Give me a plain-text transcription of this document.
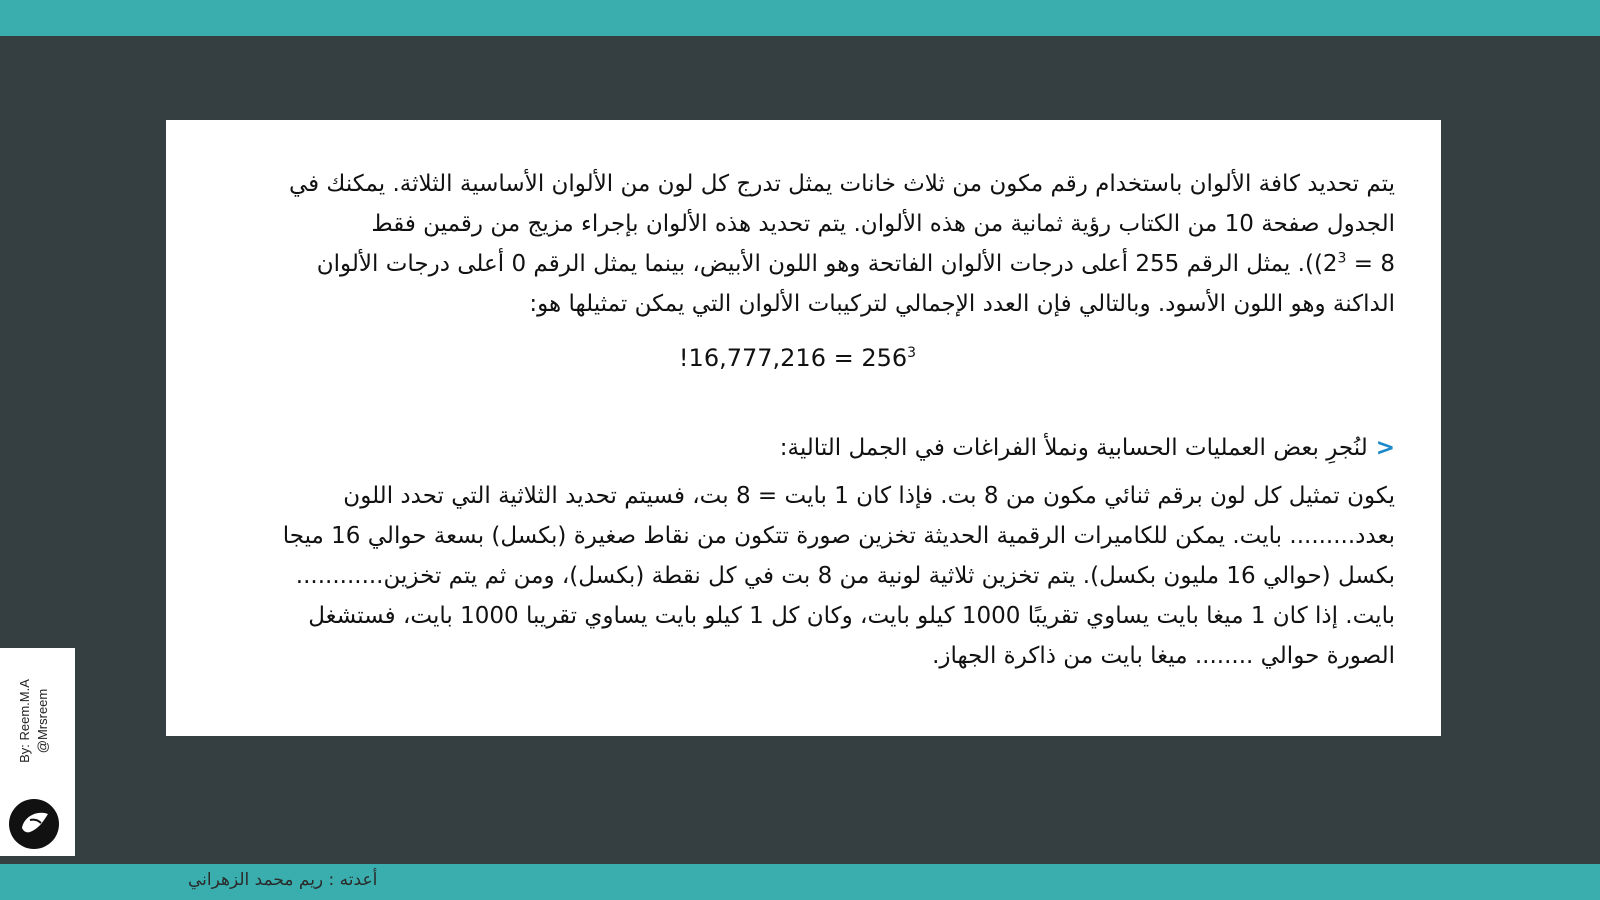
يتم تحديد كافة الألوان باستخدام رقم مكون من ثلاث خانات يمثل تدرج كل لون من الألوان الأساسية الثلاثة. يمكنك في
الجدول صفحة 10 من الكتاب رؤية ثمانية من هذه الألوان. يتم تحديد هذه الألوان بإجراء مزيج من رقمين فقط
$(2^3 = 8)$. يمثل الرقم 255 أعلى درجات الألوان الفاتحة وهو اللون الأبيض، بينما يمثل الرقم 0 أعلى درجات الألوان
الداكنة وهو اللون الأسود. وبالتالي فإن العدد الإجمالي لتركيبات الألوان التي يمكن تمثيلها هو:

$!16,777,216 = 256^3$
<لنُجرِ بعض العمليات الحسابية ونملأ الفراغات في الجمل التالية:

يكون تمثيل كل لون برقم ثنائي مكون من 8 بت. فإذا كان 1 بايت = 8 بت، فسيتم تحديد الثلاثية التي تحدد اللون
بعدد......... بايت. يمكن للكاميرات الرقمية الحديثة تخزين صورة تتكون من نقاط صغيرة (بكسل) بسعة حوالي 16 ميجا
بكسل (حوالي 16 مليون بكسل). يتم تخزين ثلاثية لونية من 8 بت في كل نقطة (بكسل)، ومن ثم يتم تخزين............
بايت. إذا كان 1 ميغا بايت يساوي تقريبًا 1000 كيلو بايت، وكان كل 1 كيلو بايت يساوي تقريبا 1000 بايت، فستشغل
الصورة حوالي ........ ميغا بايت من ذاكرة الجهاز.

By: Reem.M.A @Mrsreem
أعدته : ريم محمد الزهراني
